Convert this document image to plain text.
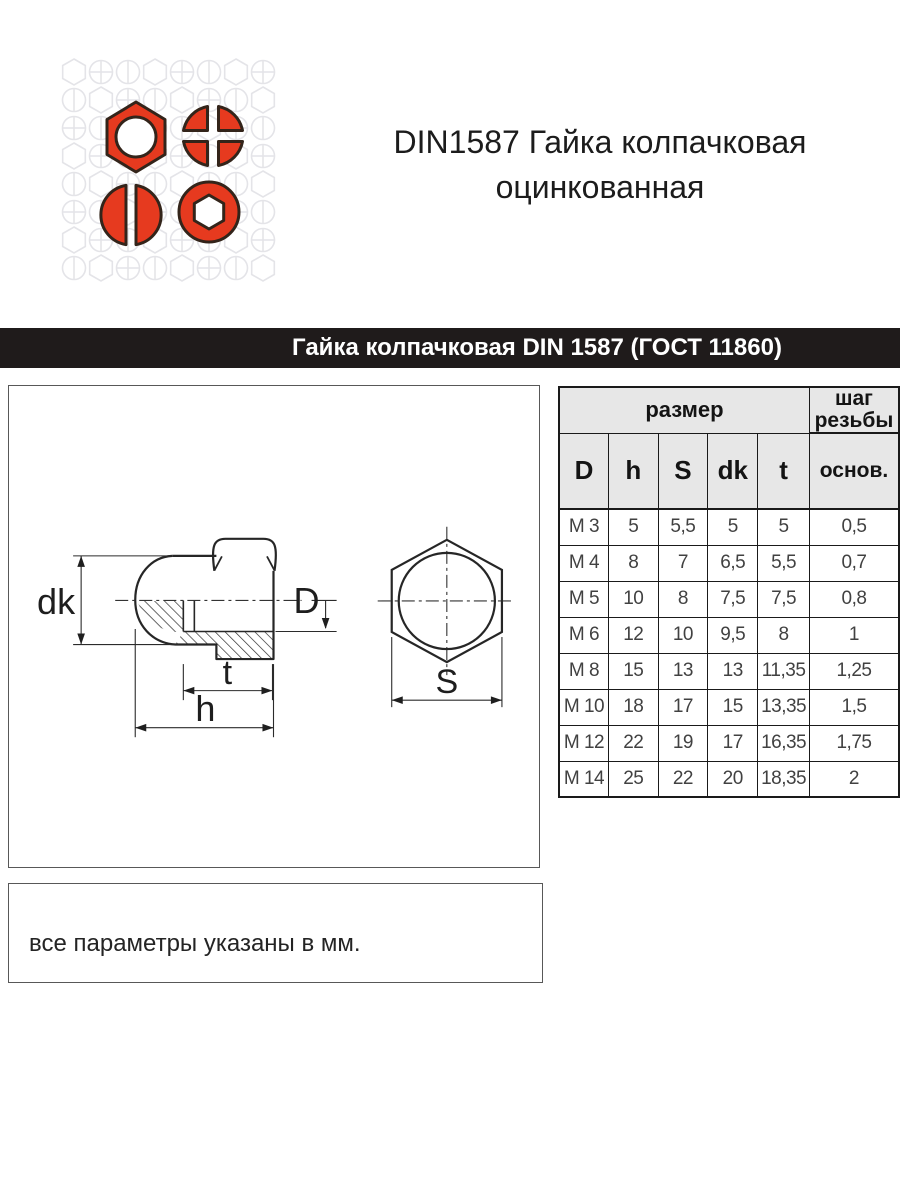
DIN1587 Гайка колпачковая
оцинкованная
Гайка колпачковая DIN 1587 (ГОСТ 11860)
dk	D
t
h
S
размер					шаг
резьбы

D	h	S	dk	t	основ.
M 3	5	5,5	5	5	0,5
M 4	8	7	6,5	5,5	0,7
M 5	10	8	7,5	7,5	0,8
M 6	12	10	9,5	8	1
M 8	15	13	13	11,35	1,25
M 10	18	17	15	13,35	1,5
M 12	22	19	17	16,35	1,75
M 14	25	22	20	18,35	2
все параметры указаны в мм.
